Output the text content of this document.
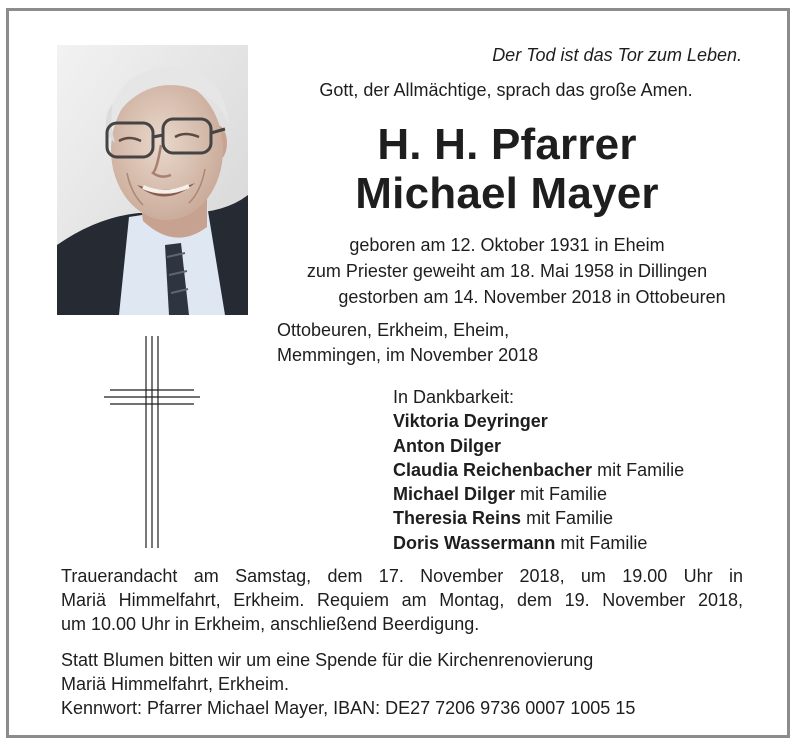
Der Tod ist das Tor zum Leben.
Gott, der Allmächtige, sprach das große Amen.
H. H. Pfarrer
Michael Mayer
geboren am 12. Oktober 1931 in Eheim
zum Priester geweiht am 18. Mai 1958 in Dillingen
gestorben am 14. November 2018 in Ottobeuren
Ottobeuren, Erkheim, Eheim,
Memmingen, im November 2018
In Dankbarkeit:
Viktoria Deyringer
Anton Dilger
Claudia Reichenbacher mit Familie
Michael Dilger mit Familie
Theresia Reins mit Familie
Doris Wassermann mit Familie
Trauerandacht am Samstag, dem 17. November 2018, um 19.00 Uhr in
Mariä Himmelfahrt, Erkheim. Requiem am Montag, dem 19. November 2018,
um 10.00 Uhr in Erkheim, anschließend Beerdigung.
Statt Blumen bitten wir um eine Spende für die Kirchenrenovierung
Mariä Himmelfahrt, Erkheim.
Kennwort: Pfarrer Michael Mayer, IBAN: DE27 7206 9736 0007 1005 15
